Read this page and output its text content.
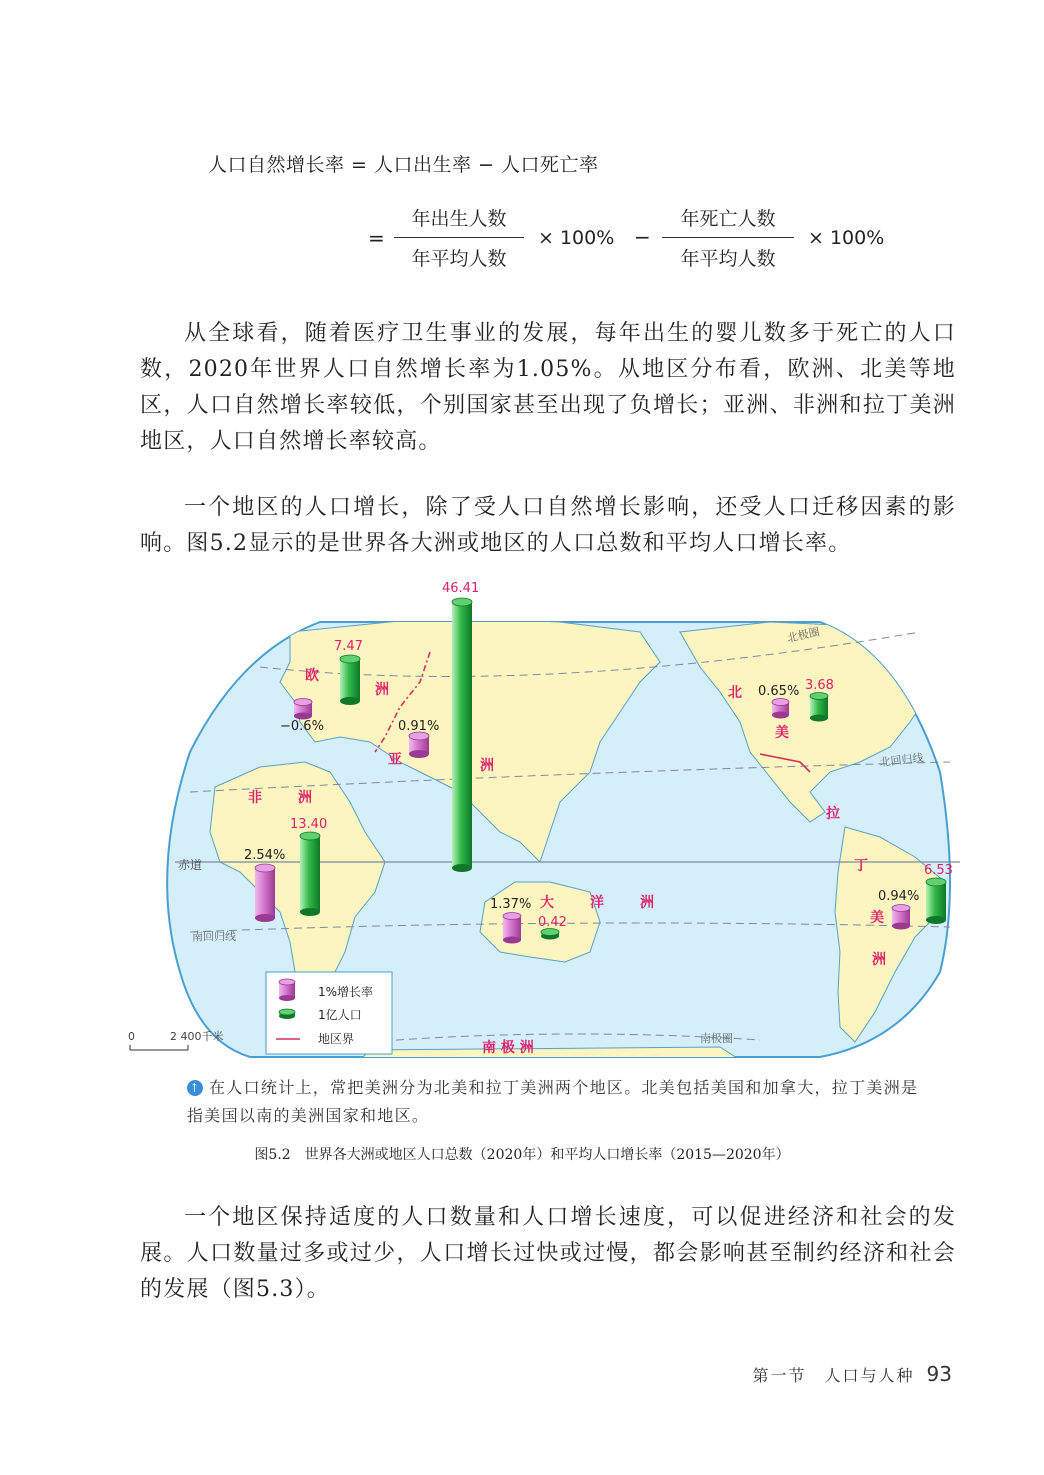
人口自然增长率 = 人口出生率 − 人口死亡率
=
年出生人数
年平均人数
× 100% −
年死亡人数
年平均人数
× 100%
从全球看，随着医疗卫生事业的发展，每年出生的婴儿数多于死亡的人口数，2020年世界人口自然增长率为1.05%。从地区分布看，欧洲、北美等地区，人口自然增长率较低，个别国家甚至出现了负增长；亚洲、非洲和拉丁美洲地区，人口自然增长率较高。
一个地区的人口增长，除了受人口自然增长影响，还受人口迁移因素的影响。图5.2显示的是世界各大洲或地区的人口总数和平均人口增长率。
北极圈
北回归线
赤道
南回归线
南极圈
欧
洲
亚	洲
非	洲
北
美
拉
丁
美
洲
大	洋	洲
南 极 洲
46.41
0.91%
7.47
−0.6%
13.40
2.54%
3.68
0.65%
6.53
0.94%
0.42
1.37%
1%增长率
1亿人口
地区界
0	2 400千米
↑ 在人口统计上，常把美洲分为北美和拉丁美洲两个地区。北美包括美国和加拿大，拉丁美洲是指美国以南的美洲国家和地区。
图5.2　世界各大洲或地区人口总数（2020年）和平均人口增长率（2015—2020年）
一个地区保持适度的人口数量和人口增长速度，可以促进经济和社会的发展。人口数量过多或过少，人口增长过快或过慢，都会影响甚至制约经济和社会的发展（图5.3）。
第一节　人口与人种 93
